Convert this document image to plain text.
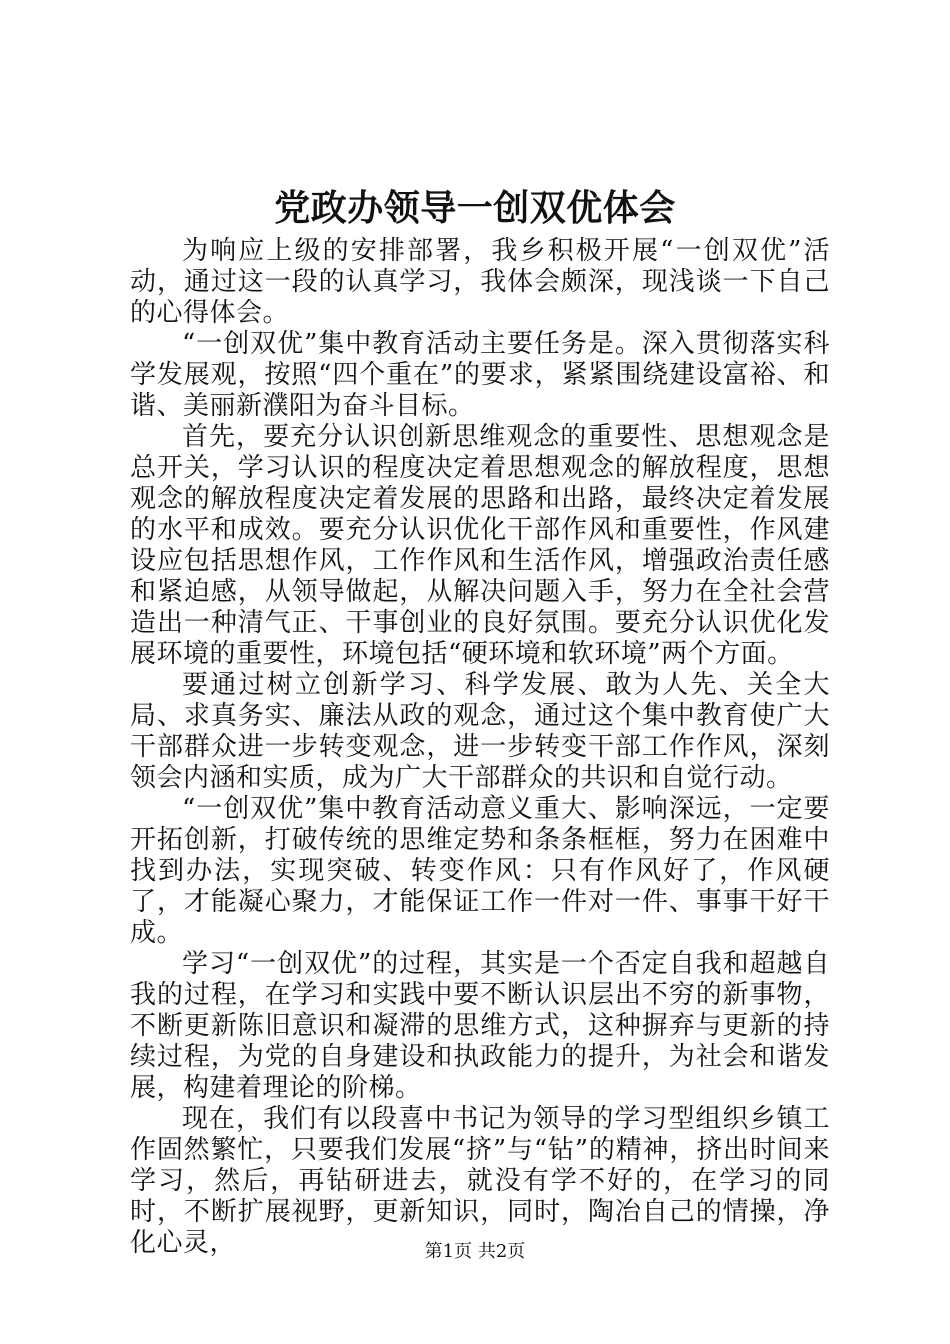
党政办领导一创双优体会

为响应上级的安排部署，我乡积极开展“一创双优”活动，通过这一段的认真学习，我体会颇深，现浅谈一下自己的心得体会。

“一创双优”集中教育活动主要任务是。深入贯彻落实科学发展观，按照“四个重在”的要求，紧紧围绕建设富裕、和谐、美丽新濮阳为奋斗目标。

首先，要充分认识创新思维观念的重要性、思想观念是总开关，学习认识的程度决定着思想观念的解放程度，思想观念的解放程度决定着发展的思路和出路，最终决定着发展的水平和成效。要充分认识优化干部作风和重要性，作风建设应包括思想作风，工作作风和生活作风，增强政治责任感和紧迫感，从领导做起，从解决问题入手，努力在全社会营造出一种清气正、干事创业的良好氛围。要充分认识优化发展环境的重要性，环境包括“硬环境和软环境”两个方面。

要通过树立创新学习、科学发展、敢为人先、关全大局、求真务实、廉法从政的观念，通过这个集中教育使广大干部群众进一步转变观念，进一步转变干部工作作风，深刻领会内涵和实质，成为广大干部群众的共识和自觉行动。

“一创双优”集中教育活动意义重大、影响深远，一定要开拓创新，打破传统的思维定势和条条框框，努力在困难中找到办法，实现突破、转变作风：只有作风好了，作风硬了，才能凝心聚力，才能保证工作一件对一件、事事干好干成。

学习“一创双优”的过程，其实是一个否定自我和超越自我的过程，在学习和实践中要不断认识层出不穷的新事物，不断更新陈旧意识和凝滞的思维方式，这种摒弃与更新的持续过程，为党的自身建设和执政能力的提升，为社会和谐发展，构建着理论的阶梯。

现在，我们有以段喜中书记为领导的学习型组织乡镇工作固然繁忙，只要我们发展“挤”与“钻”的精神，挤出时间来学习，然后，再钻研进去，就没有学不好的，在学习的同时，不断扩展视野，更新知识，同时，陶冶自己的情操，净化心灵，	第1页 共2页
